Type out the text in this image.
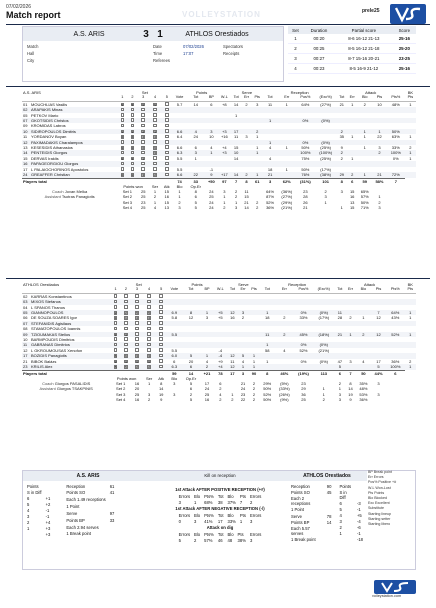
07/02/2026
Match report	VOLLEYSTATION	prele25
A.S. ARIS	3 1	ATHLOS Orestiados
Match	Date	07/02/2026	Spectators
Hall	Time	17:07	Receipts
City	Referees
Set	Duration	Partial score	Score
1	00:20	8-6 16-12 21-13	25-16
2	00:25	8-5 16-12 21-18	25-20
3	00:27	8-7 15-16 20-21	23-25
4	00:23	8-5 16-9 21-12	25-16
A.S. ARIS		Set					Points				Serve			Reception				Attack					BK
		1	2	3	4	5	Vote	Tot	BP	W-L	Tot	Err	Pts	Tot	Err	Pos%	(Exc%)	Tot	Err	Blo	Pts	Pts%	Pts
01	MOUCHLIAS Vasilis	5	5	5	5		5.7	14	6	+8	14	2	3	11	1	64%	(27%)	21	1	2	10	48%	1
02	ARAPAKIS Minas																						
05	PETKOV Mario										1												
07	GKOTSIDIS Christos													1		0%	(0%)						
09	KROMIDAS Labros																						
10	SIDIROPOULOS Dimitris	1	1	2	1		6.6	4	3	+3	17		2					2		1	1	50%	
11	YORDANOV Boyan	4	4	4	4		6.4	24	10	+16	11	3	1					35	1	1	22	63%	1
12	PAXIMADAKIS Charalampos													1		0%	(0%)						
13	KESESIDIS Athanasios	3	3	6	6		6.6	6	4	+4	15		1	4	1	50%	(25%)	9		1	3	33%	2
14	PENTEIDIS Giorgos				3		6.3	3	1	+3	10		1			100%	(100%)	2			2	100%	1
15	DERVAS Iraklis	6	6	1			5.5	1			14			4		75%	(25%)	2	1			0%	1
16	PAPAGEORGIOU Giorgos																						
17	L PALAIOCHORINOS Apostolos						5.5		-1					18	1	50%	(17%)						
24	GREAFFER Christian	2	2	3	2		6.6	22	9	+17	14	2	1	21		76%	(38%)	29	2	1	21	72%	
Players total							74	33	+50	97	7	8	61	3	62%	(31%)	101	8	6	59	58%	7	
		Points won			Ser	Atk	Blo	Op.Er															
Coach Jovan Melka		Set 1		25	1	15	1	8	24	3	2	11		64%	(36%)	23	2	3	15	65%			
Assistant Tsotras Panagiotis		Set 2		25	2	16	1	6	25	1	2	15		87%	(27%)	28	3		16	57%	1		
		Set 3		23	1	15	2	5	24	1	1	21	2	52%	(29%)	26	1		13	50%	2		
		Set 4		25	4	13	3	5	24	2	3	14	2	36%	(21%)	21		1	15	71%	3		
ATHLOS Orestiados		Set					Points				Serve			Reception				Attack					BK
		1	2	3	4	5	Vote	Tot	BP	W-L	Tot	Err	Pts	Tot	Err	Pos%	(Exc%)	Tot	Err	Blo	Pts	Pts%	Pts
02	KARRAS Konstantinos																						
03	MIXOS Stefanos																						
04	L SPANOS Thanos																						
05	GIANNOPOULOS	2	2	5	5		6.9	8	1	+5	12	3		1		0%	(0%)	11			7	64%	1
06	DE SOUZA SOARES Igor	1	1	4	4		5.8	12	3	+5	16	2		18	2	33%	(17%)	28	2	1	12	43%	1
07	STEFANIDIS Agisilaos																						
08	STAMATOPOULOS Ioannis																						
09	TZIOUMAKAS Stelios	4	4				5.5							11	2	45%	(18%)	21	1	2	12	52%	1
10	BARMPOUDIS Dimitrios																						
11	GABRANAS Dimitrios													1		0%	(0%)						
12	L GKROUMOUSAS Xenofon						5.5			-4				58	4	52%	(21%)						
17	BOZIDIS Panagiotis	6	6	3	3		6.0	5	1	-4	12	5	1										
21	BIBOK Balázs	3	3	6	6		6	20	4	+9	11	4	1	1		0%	(0%)	47	3	4	17	36%	2
23	KRILIS Alex	5	5	2	2		6.3	6	2	+4	12	1	1					5			5	100%	1
Players total							59	14	+21	78	17	3	90	8	46%	(19%)	113	6	7	50	44%	6	
		Points won			Ser	Atk	Blo	Op.Er															
Coach Giorgos PASALIDIS		Set 1		16	1	8	3	5	17	6		21	2	29%	(5%)	23		2	8	35%	3		
Assistant Giorgos TSAKPINIS		Set 2		20		14		6	24	2		24	2	50%	(33%)	29	1	1	14	48%			
		Set 3		25	3	19	3	2	25	4	1	23	2	52%	(26%)	36	1	3	19	53%	3		
		Set 4		16	2	9		5	16	2	2	22	2	50%	(9%)	25	2	3	9	36%			
A.S. ARIS
Points	
S in Diff	
6	+1
5	+2
4	-1
3	-1
2	+4
1	+3
	+3
Reception	61
Points SO	41
Each 1.49 receptions	
1 Point	

Serve	97
Points BP	33
Each 2.94 serves	
1 Break point	
Kill on reception
1st Attack AFTER POSITIVE RECEPTION (+#)
Errors	Blo	Pts%	Tot	Blo	Pts	Errors
3	1	68%	38	37%	7	2
1st Attack AFTER NEGATIVE RECEPTION (-/)
Errors	Blo	Pts%	Tot	Blo	Pts	Errors
0	3	41%	17	33%	1	3
Attack on dig
Errors	Blo	Pts%	Tot	Blo	Pts	Errors
5	2	57%	46	48	38%	3
ATHLOS Orestiados
Reception	90
Points SO	45
Each 2 receptions	
1 Point	

Serve	78
Points BP	14
Each 5.57 serves	
1 Break point	
Points	
S in Diff	
6	-3
5	-1
4	+5
3	-4
2	-6
1	-1
	-18
BP Break point
Err Errors
Pos% Positive +#
W-L Won-Lost
Pts Points
Blo Blocked
Exc Excellent
Substitute
Starting lineup
Starting setter
Starting libero
volleystation.com
